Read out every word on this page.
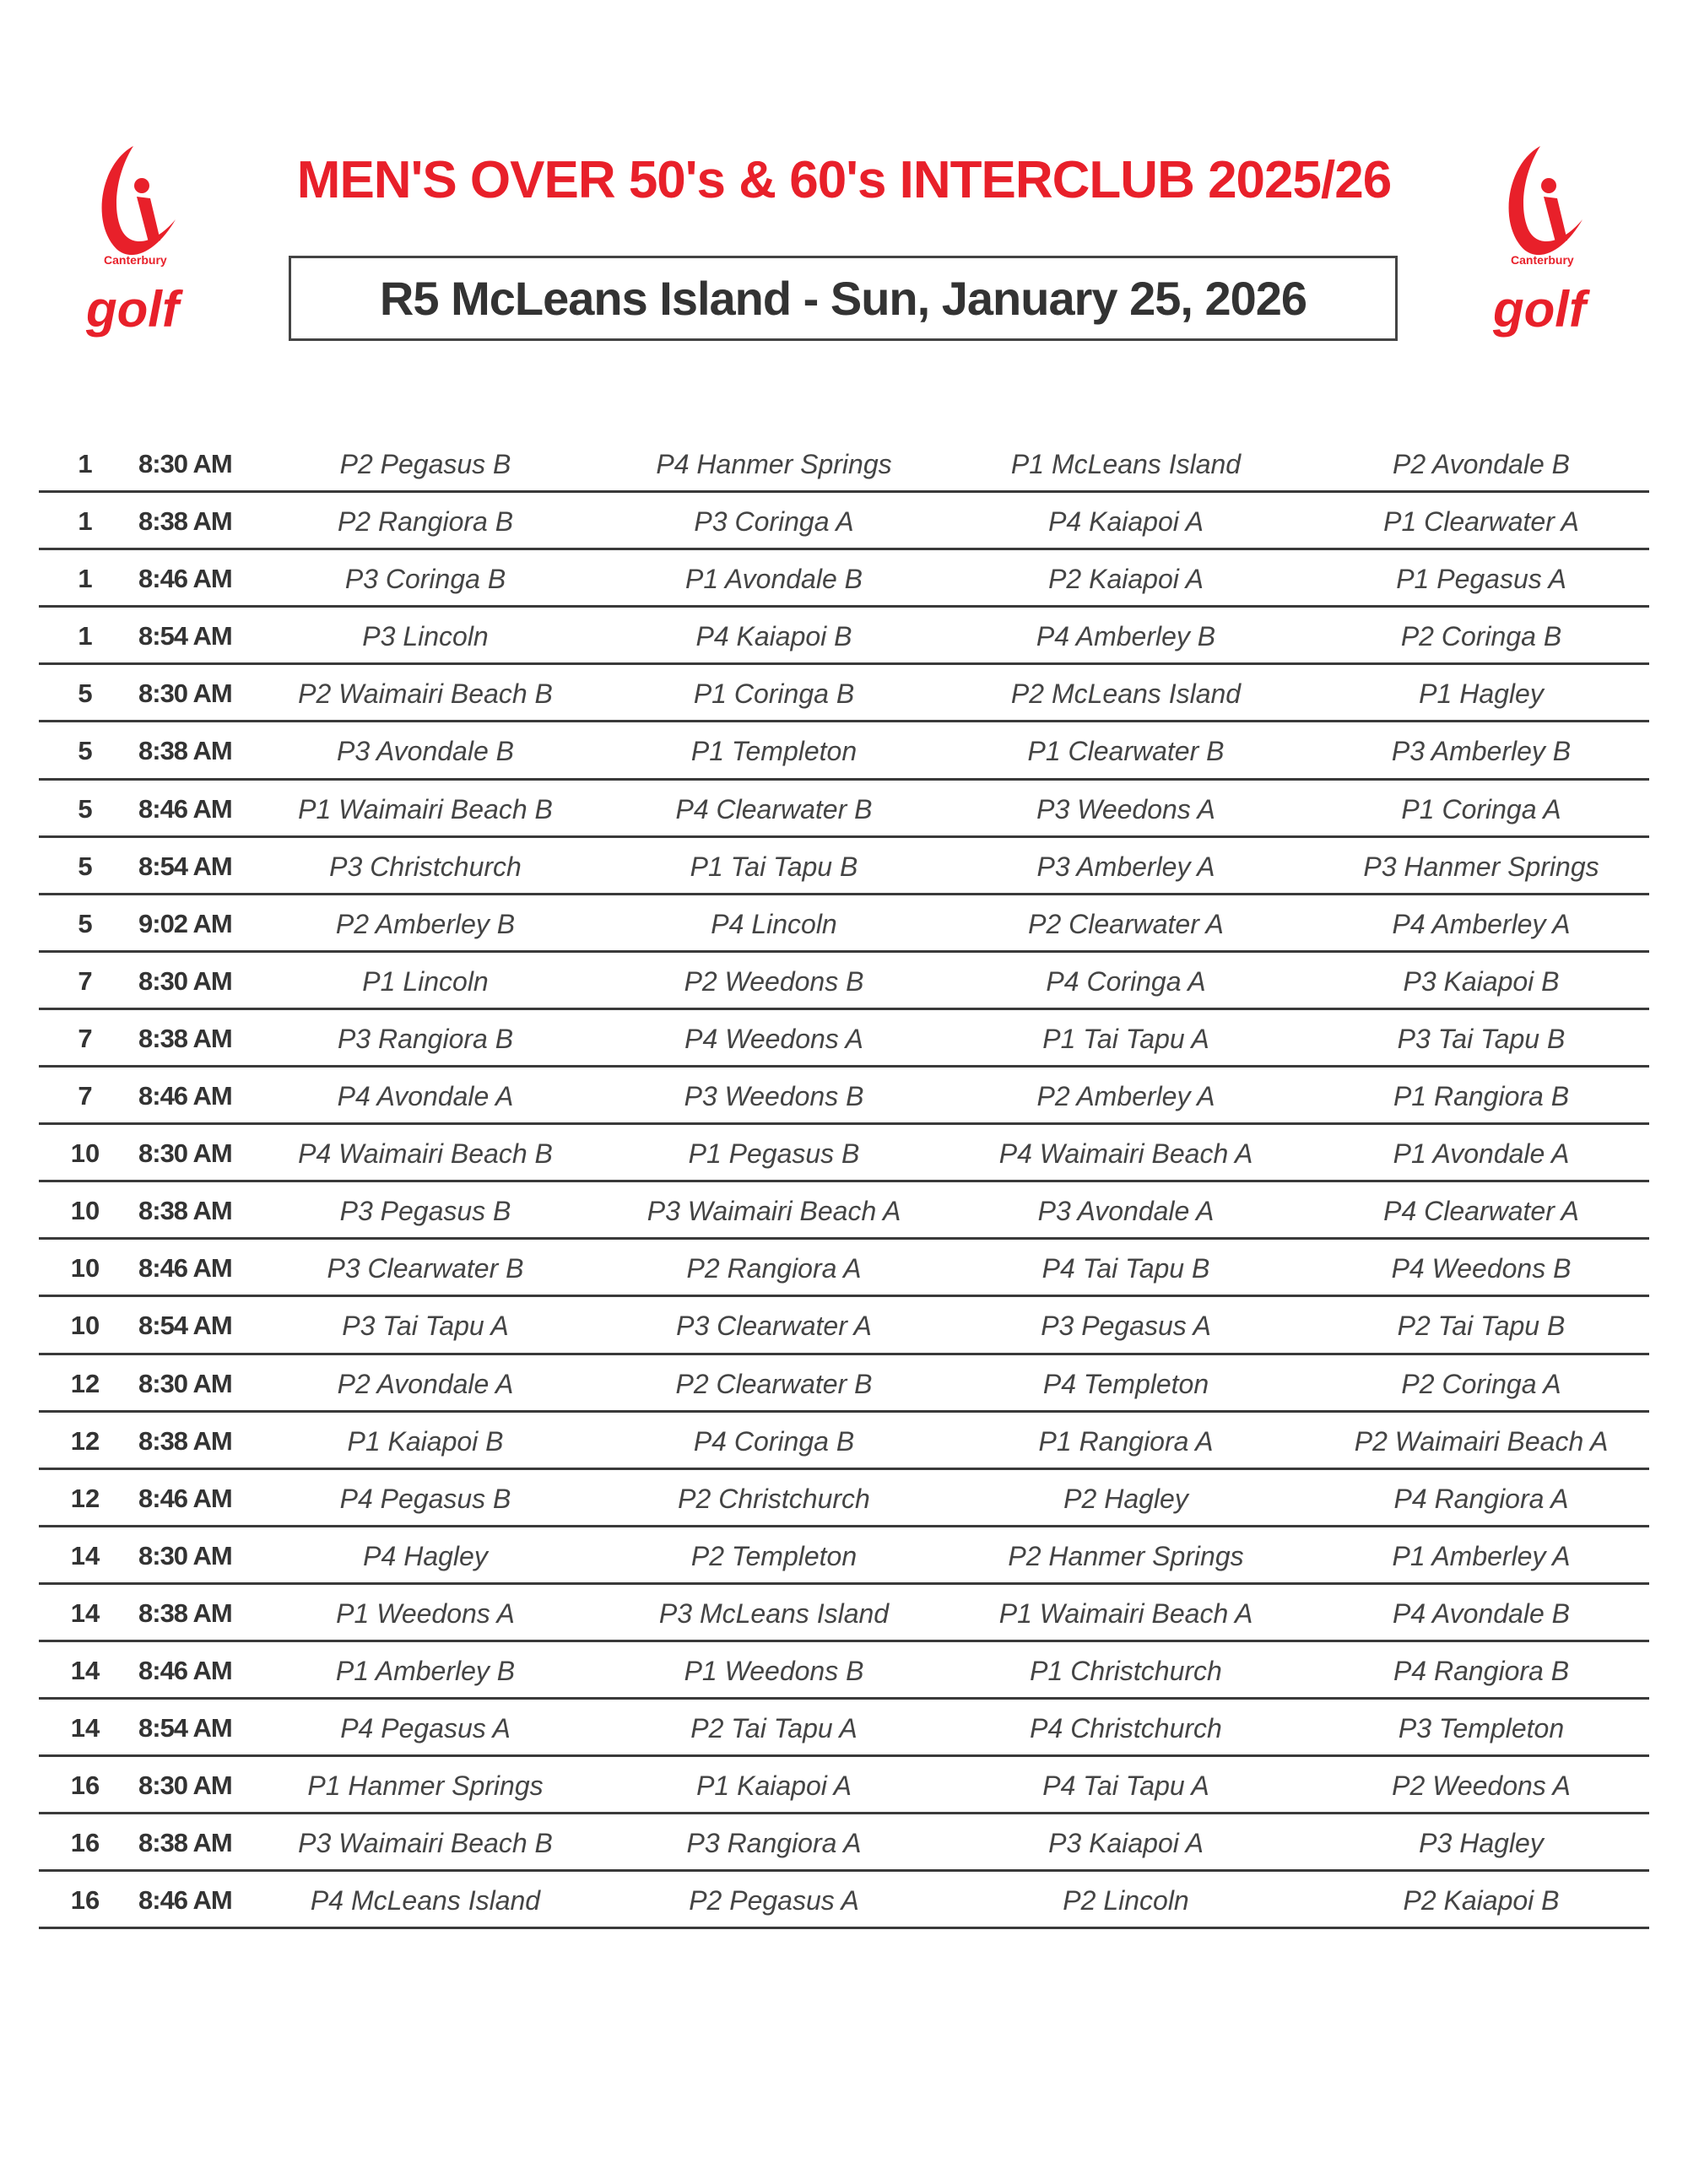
Canterbury
golf
Canterbury
golf
MEN'S OVER 50's & 60's INTERCLUB 2025/26
R5 McLeans Island - Sun, January 25, 2026
1	8:30 AM	P2 Pegasus B	P4 Hanmer Springs	P1 McLeans Island	P2 Avondale B
1	8:38 AM	P2 Rangiora B	P3 Coringa A	P4 Kaiapoi A	P1 Clearwater A
1	8:46 AM	P3 Coringa B	P1 Avondale B	P2 Kaiapoi A	P1 Pegasus A
1	8:54 AM	P3 Lincoln	P4 Kaiapoi B	P4 Amberley B	P2 Coringa B
5	8:30 AM	P2 Waimairi Beach B	P1 Coringa B	P2 McLeans Island	P1 Hagley
5	8:38 AM	P3 Avondale B	P1 Templeton	P1 Clearwater B	P3 Amberley B
5	8:46 AM	P1 Waimairi Beach B	P4 Clearwater B	P3 Weedons A	P1 Coringa A
5	8:54 AM	P3 Christchurch	P1 Tai Tapu B	P3 Amberley A	P3 Hanmer Springs
5	9:02 AM	P2 Amberley B	P4 Lincoln	P2 Clearwater A	P4 Amberley A
7	8:30 AM	P1 Lincoln	P2 Weedons B	P4 Coringa A	P3 Kaiapoi B
7	8:38 AM	P3 Rangiora B	P4 Weedons A	P1 Tai Tapu A	P3 Tai Tapu B
7	8:46 AM	P4 Avondale A	P3 Weedons B	P2 Amberley A	P1 Rangiora B
10 8:30 AM	P4 Waimairi Beach B	P1 Pegasus B	P4 Waimairi Beach A	P1 Avondale A
10 8:38 AM	P3 Pegasus B	P3 Waimairi Beach A	P3 Avondale A	P4 Clearwater A
10 8:46 AM	P3 Clearwater B	P2 Rangiora A	P4 Tai Tapu B	P4 Weedons B
10 8:54 AM	P3 Tai Tapu A	P3 Clearwater A	P3 Pegasus A	P2 Tai Tapu B
12 8:30 AM	P2 Avondale A	P2 Clearwater B	P4 Templeton	P2 Coringa A
12 8:38 AM	P1 Kaiapoi B	P4 Coringa B	P1 Rangiora A	P2 Waimairi Beach A
12 8:46 AM	P4 Pegasus B	P2 Christchurch	P2 Hagley	P4 Rangiora A
14 8:30 AM	P4 Hagley	P2 Templeton	P2 Hanmer Springs	P1 Amberley A
14 8:38 AM	P1 Weedons A	P3 McLeans Island	P1 Waimairi Beach A	P4 Avondale B
14 8:46 AM	P1 Amberley B	P1 Weedons B	P1 Christchurch	P4 Rangiora B
14 8:54 AM	P4 Pegasus A	P2 Tai Tapu A	P4 Christchurch	P3 Templeton
16 8:30 AM	P1 Hanmer Springs	P1 Kaiapoi A	P4 Tai Tapu A	P2 Weedons A
16 8:38 AM	P3 Waimairi Beach B	P3 Rangiora A	P3 Kaiapoi A	P3 Hagley
16 8:46 AM	P4 McLeans Island	P2 Pegasus A	P2 Lincoln	P2 Kaiapoi B
